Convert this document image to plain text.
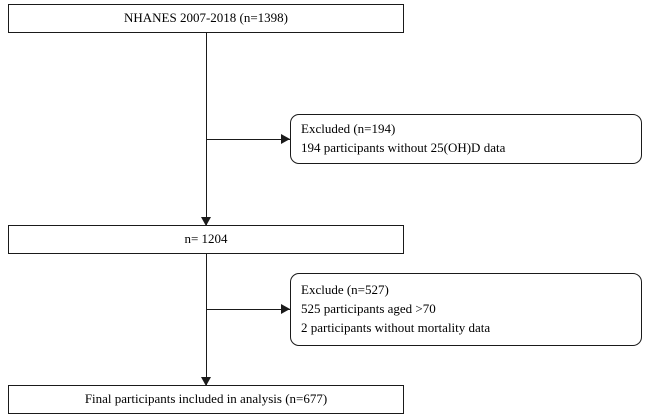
NHANES 2007-2018 (n=1398)
Excluded (n=194)
194 participants without 25(OH)D data
n= 1204
Exclude (n=527)
525 participants aged >70
2 participants without mortality data
Final participants included in analysis (n=677)
